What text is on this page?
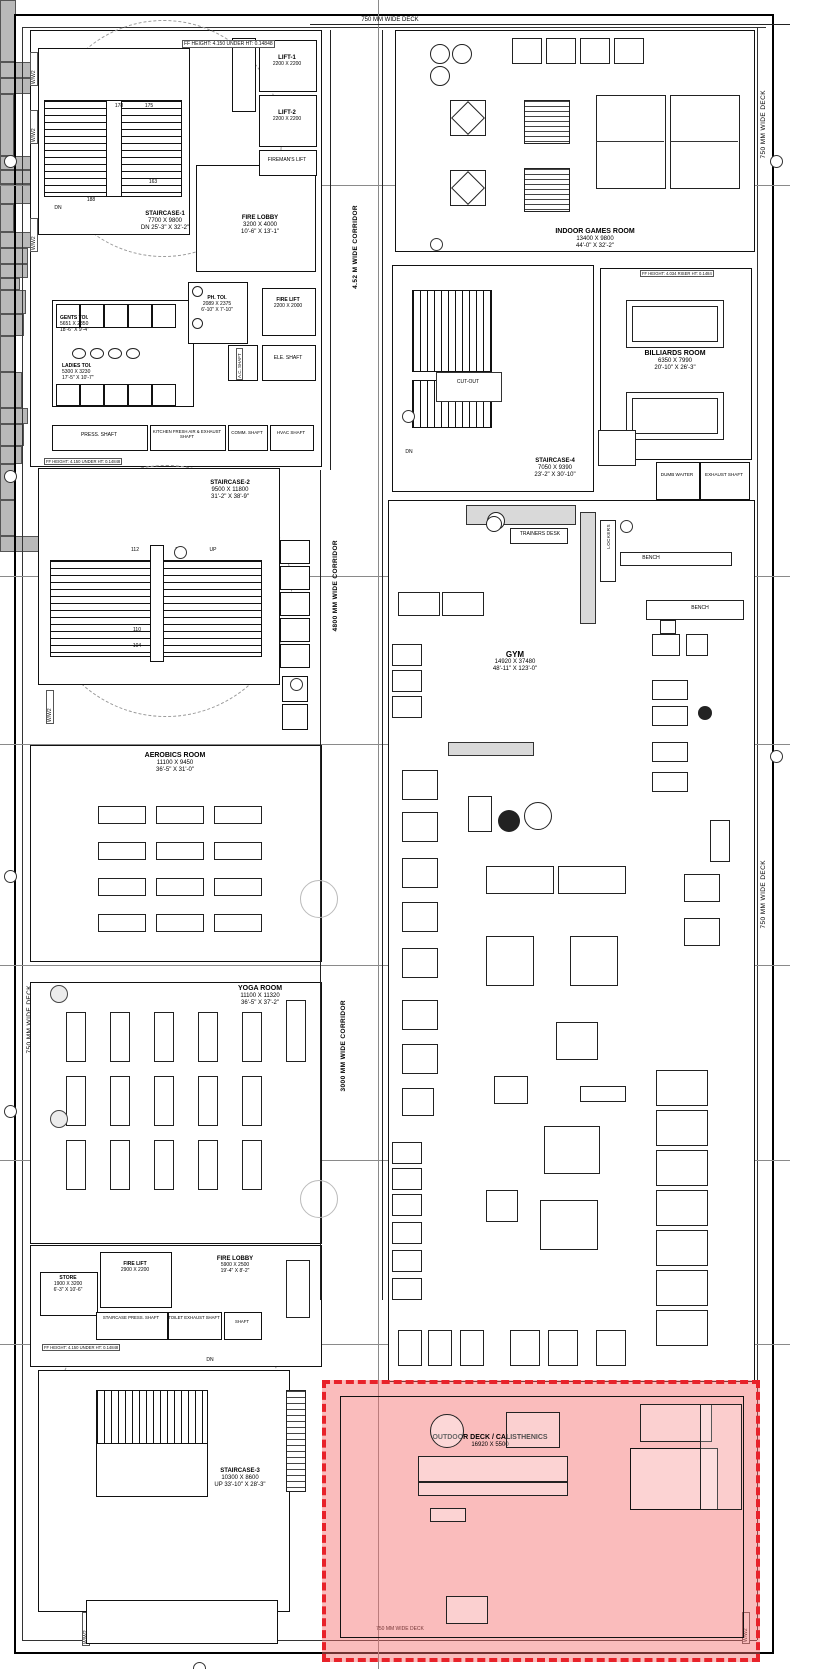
750 MM WIDE DECK
750 MM WIDE DECK
750 MM WIDE DECK
750 MM WIDE DECK
178	175
163
188
DN
STAIRCASE-1
7700 X 9800
DN 25'-3" X 32'-2"
FIRE LOBBY
3200 X 4000
10'-6" X 13'-1"
LIFT-1
2200 X 2200
LIFT-2
2200 X 2200
FIREMAN'S LIFT
FF HEIGHT: 4.150 UNDER HT: 0.14848
W/W2
W/W2
W/W2
W/W2
W/W2
GENTS TOI.
5651 X 2850
18'-6" X 9'-4"
LADIES TOI.
5300 X 3230
17'-5" X 10'-7"
PH. TOI.
2089 X 2375
6'-10" X 7'-10"
FIRE LIFT
2200 X 2000
ELE. SHAFT
A.C. SHAFT
PRESS. SHAFT
KITCHEN FRESH AIR & EXHAUST SHAFT
COMM. SHAFT	HVAC SHAFT
FF HEIGHT: 4.150 UNDER HT: 0.14848
STAIRCASE-2
9500 X 11800
31'-2" X 38'-9"
112	UP
110
104
AEROBICS ROOM
11100 X 9450
36'-5" X 31'-0"
YOGA ROOM
11100 X 11320
36'-5" X 37'-2"
FIRE LIFT
2900 X 2200
FIRE LOBBY
5900 X 2500
19'-4" X 8'-2"
STORE
1900 X 3200
6'-3" X 10'-6"
STAIRCASE PRESS. SHAFT	TOILET EXHAUST SHAFT
SHAFT
FF HEIGHT: 4.150 UNDER HT: 0.14848
STAIRCASE-3
10300 X 8600
UP 33'-10" X 28'-3"
DN
4.52 M WIDE CORRIDOR
4800 MM WIDE CORRIDOR
3000 MM WIDE CORRIDOR
INDOOR GAMES ROOM
13400 X 9800
44'-0" X 32'-2"
BILLIARDS ROOM
6350 X 7990
20'-10" X 26'-3"
FF HEIGHT: 4.034 RISER HT: 0.1484
CUT-OUT
DN
STAIRCASE-4
7050 X 9390
23'-2" X 30'-10"	DUMB WAITER	EXHAUST SHAFT
GYM
14920 X 37480
48'-11" X 123'-0"
TRAINERS DESK	LOCKERS
BENCH
BENCH
OUTDOOR DECK / CALISTHENICS
16920 X 5500
